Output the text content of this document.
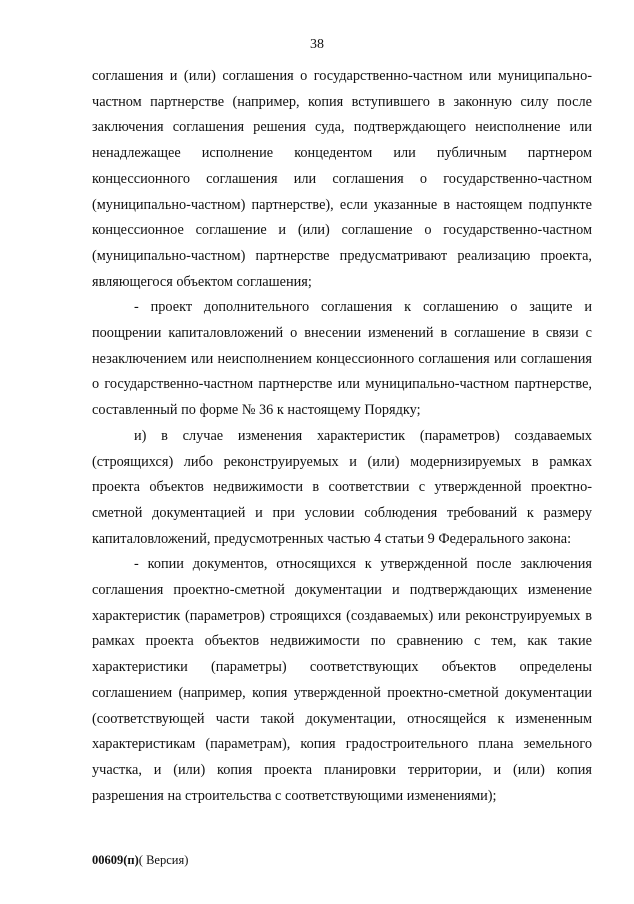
38

соглашения и (или) соглашения о государственно-частном или муниципально-частном партнерстве (например, копия вступившего в законную силу после заключения соглашения решения суда, подтверждающего неисполнение или ненадлежащее исполнение концедентом или публичным партнером концессионного соглашения или соглашения о государственно-частном (муниципально-частном) партнерстве), если указанные в настоящем подпункте концессионное соглашение и (или) соглашение о государственно-частном (муниципально-частном) партнерстве предусматривают реализацию проекта, являющегося объектом соглашения;

- проект дополнительного соглашения к соглашению о защите и поощрении капиталовложений о внесении изменений в соглашение в связи с незаключением или неисполнением концессионного соглашения или соглашения о государственно-частном партнерстве или муниципально-частном партнерстве, составленный по форме № 36 к настоящему Порядку;

и) в случае изменения характеристик (параметров) создаваемых (строящихся) либо реконструируемых и (или) модернизируемых в рамках проекта объектов недвижимости в соответствии с утвержденной проектно-сметной документацией и при условии соблюдения требований к размеру капиталовложений, предусмотренных частью 4 статьи 9 Федерального закона:

- копии документов, относящихся к утвержденной после заключения соглашения проектно-сметной документации и подтверждающих изменение характеристик (параметров) строящихся (создаваемых) или реконструируемых в рамках проекта объектов недвижимости по сравнению с тем, как такие характеристики (параметры) соответствующих объектов определены соглашением (например, копия утвержденной проектно-сметной документации (соответствующей части такой документации, относящейся к измененным характеристикам (параметрам), копия градостроительного плана земельного участка, и (или) копия проекта планировки территории, и (или) копия разрешения на строительства с соответствующими изменениями);

00609(п)( Версия)
